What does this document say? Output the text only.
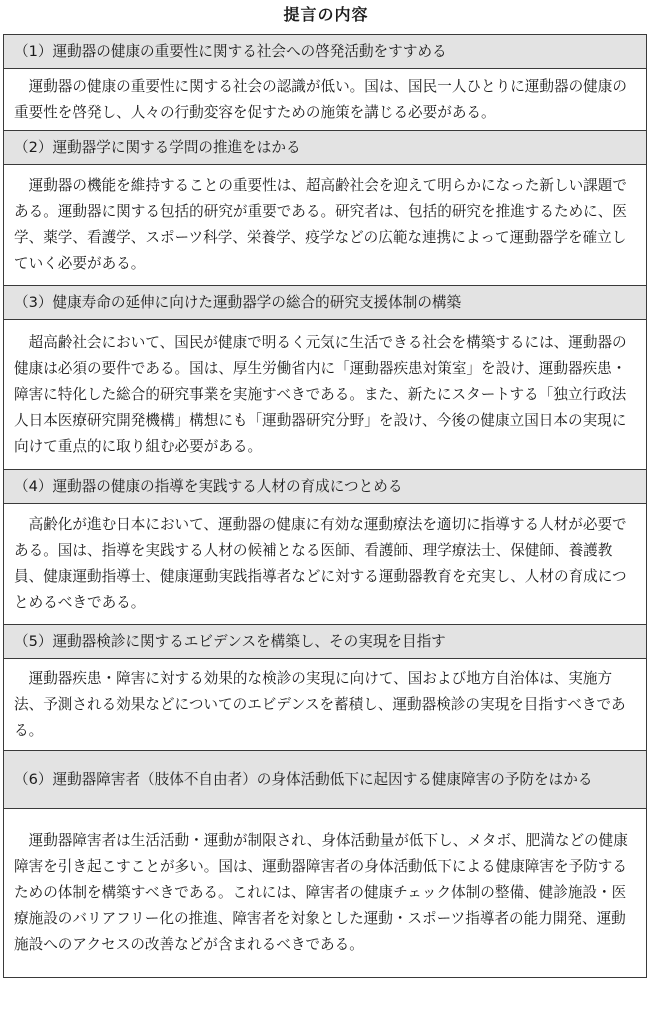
提言の内容
（1）運動器の健康の重要性に関する社会への啓発活動をすすめる
運動器の健康の重要性に関する社会の認識が低い。国は、国民一人ひとりに運動器の健康の重要性を啓発し、人々の行動変容を促すための施策を講じる必要がある。
（2）運動器学に関する学問の推進をはかる
運動器の機能を維持することの重要性は、超高齢社会を迎えて明らかになった新しい課題である。運動器に関する包括的研究が重要である。研究者は、包括的研究を推進するために、医学、薬学、看護学、スポーツ科学、栄養学、疫学などの広範な連携によって運動器学を確立していく必要がある。
（3）健康寿命の延伸に向けた運動器学の総合的研究支援体制の構築
超高齢社会において、国民が健康で明るく元気に生活できる社会を構築するには、運動器の健康は必須の要件である。国は、厚生労働省内に「運動器疾患対策室」を設け、運動器疾患・障害に特化した総合的研究事業を実施すべきである。また、新たにスタートする「独立行政法人日本医療研究開発機構」構想にも「運動器研究分野」を設け、今後の健康立国日本の実現に向けて重点的に取り組む必要がある。
（4）運動器の健康の指導を実践する人材の育成につとめる
高齢化が進む日本において、運動器の健康に有効な運動療法を適切に指導する人材が必要である。国は、指導を実践する人材の候補となる医師、看護師、理学療法士、保健師、養護教員、健康運動指導士、健康運動実践指導者などに対する運動器教育を充実し、人材の育成につとめるべきである。
（5）運動器検診に関するエビデンスを構築し、その実現を目指す
運動器疾患・障害に対する効果的な検診の実現に向けて、国および地方自治体は、実施方法、予測される効果などについてのエビデンスを蓄積し、運動器検診の実現を目指すべきである。
（6）運動器障害者（肢体不自由者）の身体活動低下に起因する健康障害の予防をはかる
運動器障害者は生活活動・運動が制限され、身体活動量が低下し、メタボ、肥満などの健康障害を引き起こすことが多い。国は、運動器障害者の身体活動低下による健康障害を予防するための体制を構築すべきである。これには、障害者の健康チェック体制の整備、健診施設・医療施設のバリアフリー化の推進、障害者を対象とした運動・スポーツ指導者の能力開発、運動施設へのアクセスの改善などが含まれるべきである。
